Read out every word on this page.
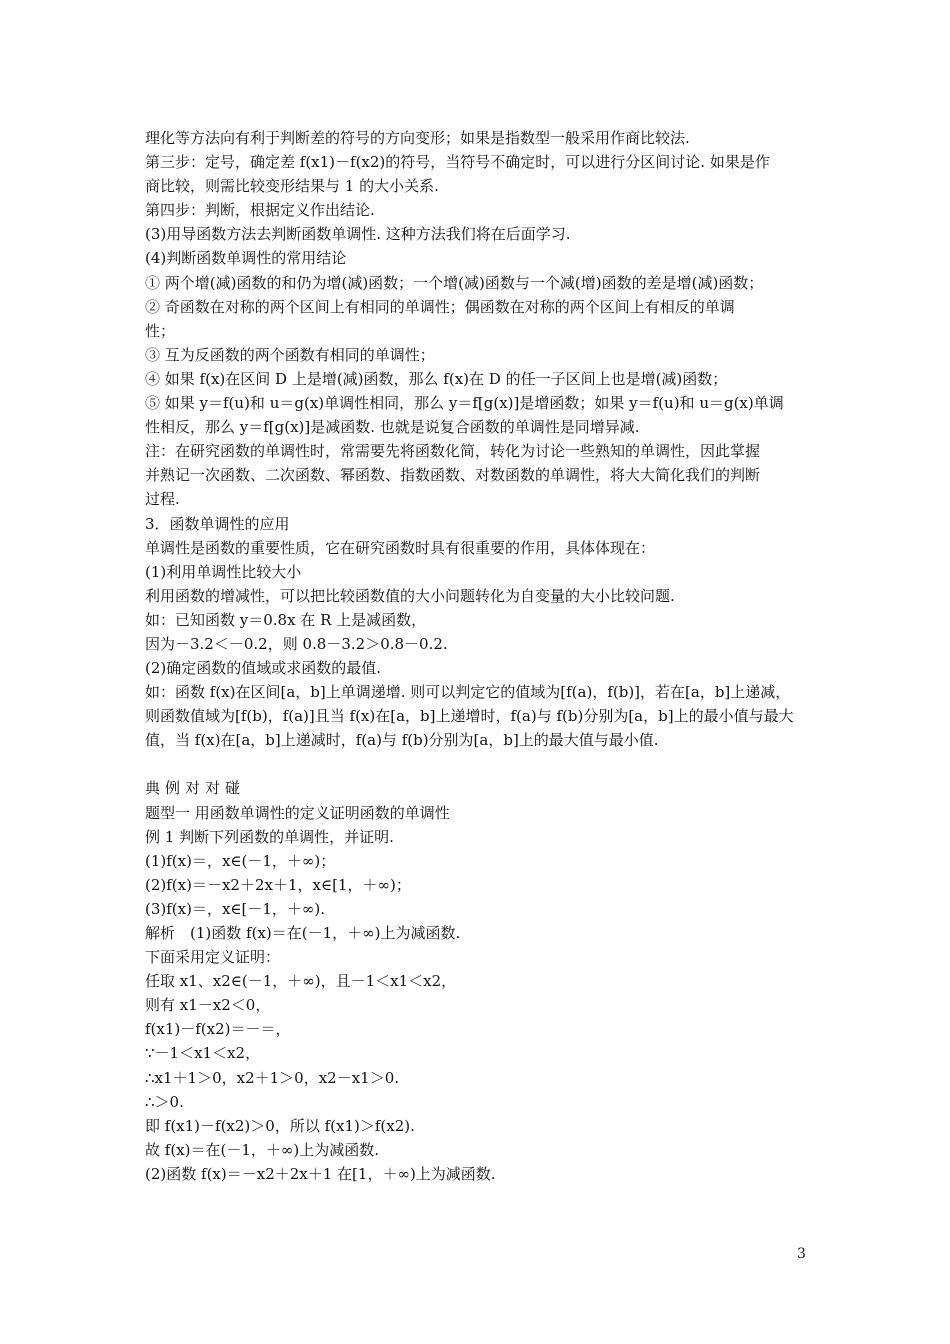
理化等方法向有利于判断差的符号的方向变形；如果是指数型一般采用作商比较法.
第三步：定号，确定差 f(x1)－f(x2)的符号，当符号不确定时，可以进行分区间讨论. 如果是作
商比较，则需比较变形结果与 1 的大小关系.
第四步：判断，根据定义作出结论.
(3)用导函数方法去判断函数单调性. 这种方法我们将在后面学习.
(4)判断函数单调性的常用结论
① 两个增(减)函数的和仍为增(减)函数；一个增(减)函数与一个减(增)函数的差是增(减)函数；
② 奇函数在对称的两个区间上有相同的单调性；偶函数在对称的两个区间上有相反的单调
性；
③ 互为反函数的两个函数有相同的单调性；
④ 如果 f(x)在区间 D 上是增(减)函数，那么 f(x)在 D 的任一子区间上也是增(减)函数；
⑤ 如果 y＝f(u)和 u＝g(x)单调性相同，那么 y＝f[g(x)]是增函数；如果 y＝f(u)和 u＝g(x)单调
性相反，那么 y＝f[g(x)]是减函数. 也就是说复合函数的单调性是同增异减.
注：在研究函数的单调性时，常需要先将函数化简，转化为讨论一些熟知的单调性，因此掌握
并熟记一次函数、二次函数、幂函数、指数函数、对数函数的单调性，将大大简化我们的判断
过程.
3．函数单调性的应用
单调性是函数的重要性质，它在研究函数时具有很重要的作用，具体体现在：
(1)利用单调性比较大小
利用函数的增减性，可以把比较函数值的大小问题转化为自变量的大小比较问题.
如：已知函数 y＝0.8x 在 R 上是减函数，
因为－3.2＜－0.2，则 0.8－3.2＞0.8－0.2.
(2)确定函数的值域或求函数的最值.
如：函数 f(x)在区间[a，b]上单调递增. 则可以判定它的值域为[f(a)，f(b)]，若在[a，b]上递减，
则函数值域为[f(b)，f(a)]且当 f(x)在[a，b]上递增时，f(a)与 f(b)分别为[a，b]上的最小值与最大
值，当 f(x)在[a，b]上递减时，f(a)与 f(b)分别为[a，b]上的最大值与最小值.
典例对对碰
题型一 用函数单调性的定义证明函数的单调性
例 1 判断下列函数的单调性，并证明.
(1)f(x)＝，x∈(－1，＋∞)；
(2)f(x)＝－x2＋2x＋1，x∈[1，＋∞)；
(3)f(x)＝，x∈[－1，＋∞).
解析　(1)函数 f(x)＝在(－1，＋∞)上为减函数.
下面采用定义证明：
任取 x1、x2∈(－1，＋∞)，且－1＜x1＜x2，
则有 x1－x2＜0，
f(x1)－f(x2)＝－＝，
∵－1＜x1＜x2，
∴x1＋1＞0，x2＋1＞0，x2－x1＞0.
∴＞0.
即 f(x1)－f(x2)＞0，所以 f(x1)＞f(x2).
故 f(x)＝在(－1，＋∞)上为减函数.
(2)函数 f(x)＝－x2＋2x＋1 在[1，＋∞)上为减函数.
3
